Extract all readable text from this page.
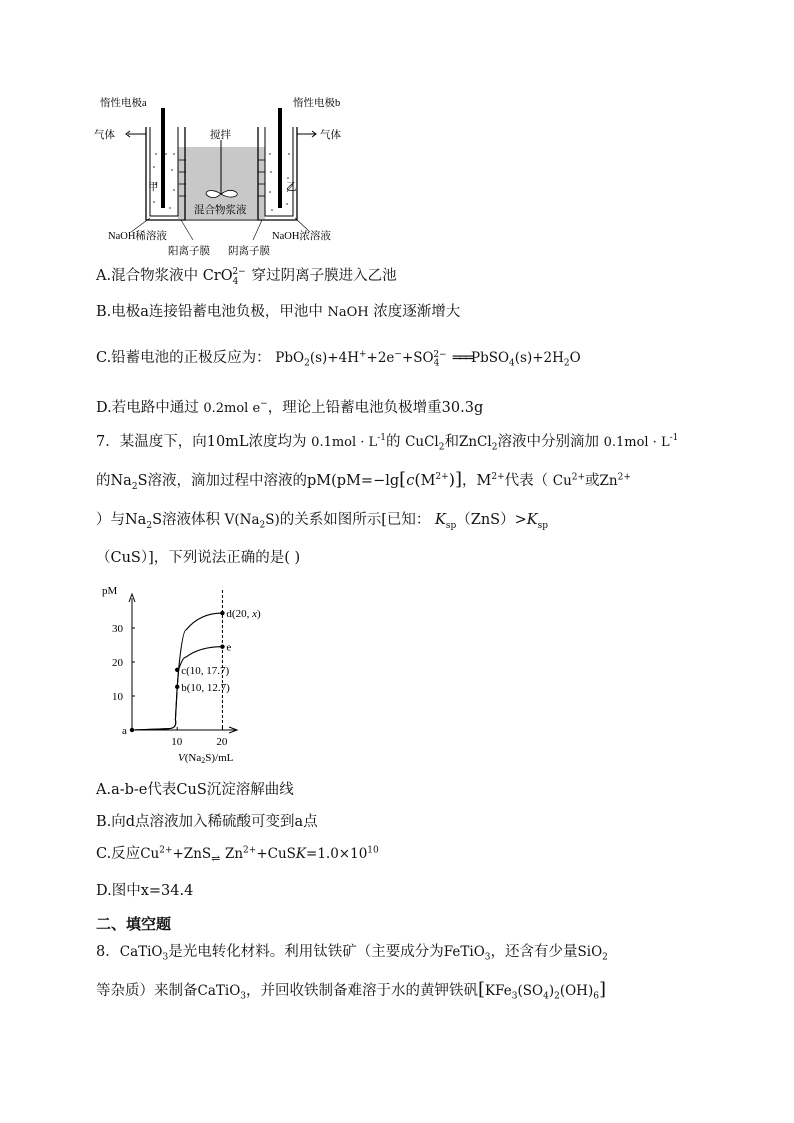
惰性电极a	惰性电极b
气体	气体
搅拌
甲	乙
混合物浆液
NaOH稀溶液	NaOH浓溶液
阳离子膜 阴离子膜
A.混合物浆液中 CrO$_4^{2-}$ 穿过阴离子膜进入乙池
B.电极a连接铅蓄电池负极，甲池中 NaOH 浓度逐渐增大
C.铅蓄电池的正极反应为： $PbO_2(s)+4H^++2e^-+SO_4^{2-}$ $═══PbSO_4(s)+2H_2O$
D.若电路中通过 0.2mol e−，理论上铅蓄电池负极增重30.3g
7．某温度下，向10mL浓度均为 $0.1mol \cdot L^{-1}$的 CuCl$_2$和ZnCl$_2$溶液中分别滴加 $0.1mol \cdot L^{-1}$
的$Na_2S$溶液，滴加过程中溶液的$pM(pM=-\lg[c(M^{2+})]$，$M^{2+}$代表（ $Cu^{2+}$或$Zn^{2+}$
）与$Na_2S$溶液体积 $V(Na_2S)$的关系如图所示[已知： $K_{sp}(ZnS)>K_{sp}$
（CuS）]，下列说法正确的是( )
pM
V(Na2S)/mL
10
20
30
10	20
a
b(10, 12.7)
c(10, 17.7)
d(20, x)
e
A.a-b-e代表CuS沉淀溶解曲线
B.向d点溶液加入稀硫酸可变到a点
C.反应$Cu^{2+}+ZnS_\rightleftharpoons$ $Zn^{2+}+CuSK=1.0\times 10^{10}$
D.图中x=34.4
二、填空题
8．CaTiO$_3$是光电转化材料。利用钛铁矿（主要成分为FeTiO$_3$，还含有少量SiO$_2$
等杂质）来制备CaTiO$_3$，并回收铁制备难溶于水的黄钾铁矾$[KFe_3(SO_4)_2(OH)_6]$
